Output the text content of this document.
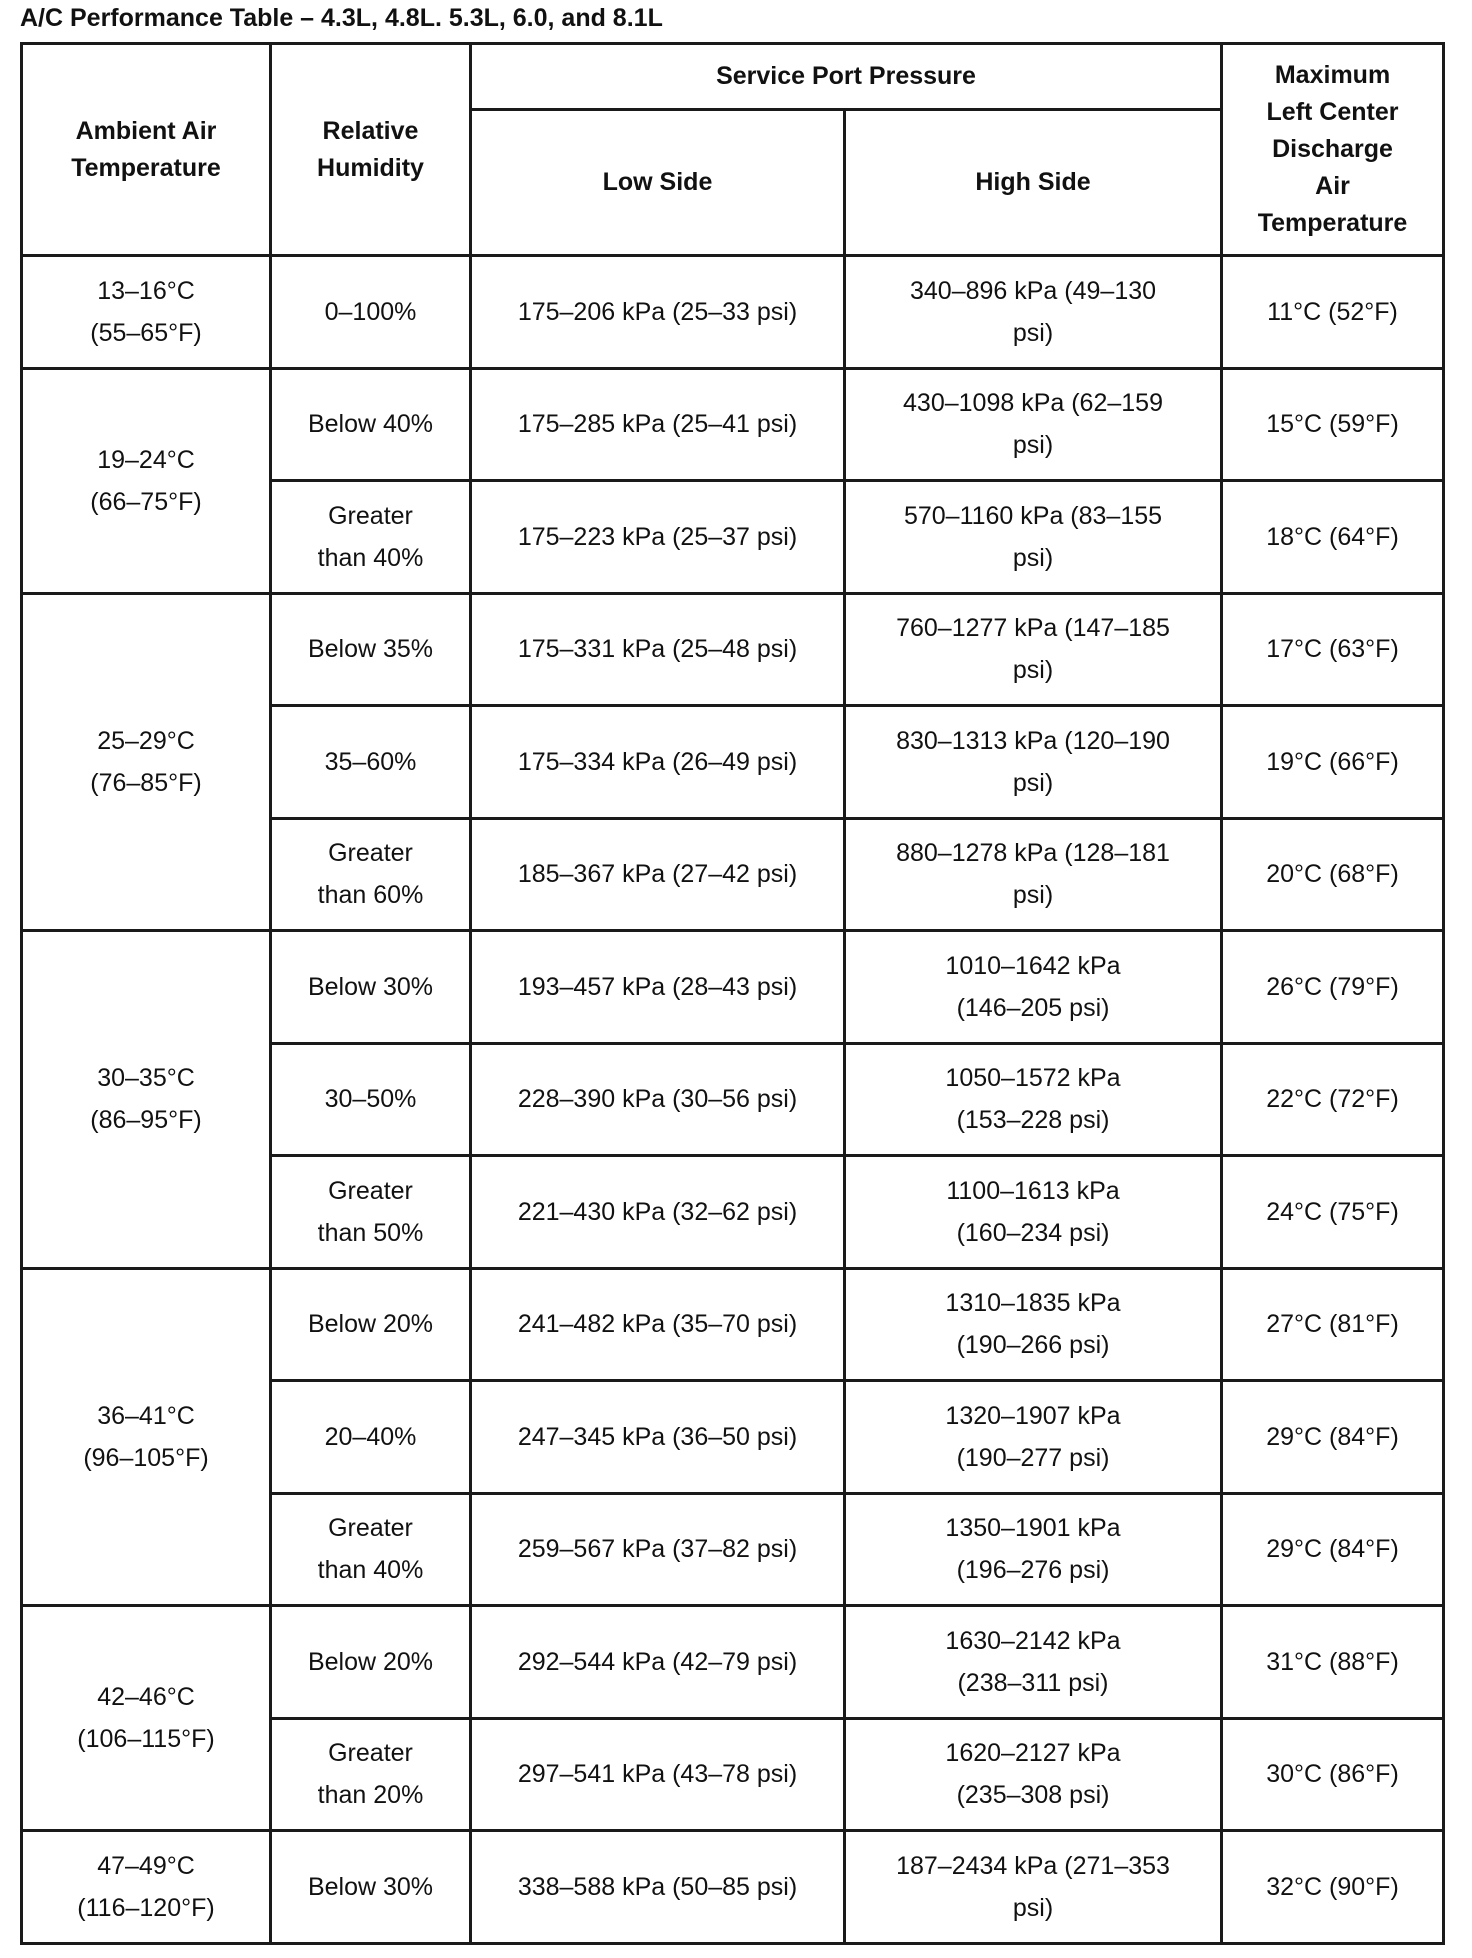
A/C Performance Table – 4.3L, 4.8L. 5.3L, 6.0, and 8.1L
Ambient Air
Temperature	Relative
Humidity	Service Port Pressure		Maximum
Left Center
Discharge
Air
Temperature

		Low Side	High Side	

13–16°C
(55–65°F)	0–100%	175–206 kPa (25–33 psi)	340–896 kPa (49–130
psi)	11°C (52°F)

19–24°C
(66–75°F)	Below 40%	175–285 kPa (25–41 psi)	430–1098 kPa (62–159
psi)	15°C (59°F)

	Greater
than 40%	175–223 kPa (25–37 psi)	570–1160 kPa (83–155
psi)	18°C (64°F)

25–29°C
(76–85°F)	Below 35%	175–331 kPa (25–48 psi)	760–1277 kPa (147–185
psi)	17°C (63°F)

	35–60%	175–334 kPa (26–49 psi)	830–1313 kPa (120–190
psi)	19°C (66°F)

	Greater
than 60%	185–367 kPa (27–42 psi)	880–1278 kPa (128–181
psi)	20°C (68°F)

30–35°C
(86–95°F)	Below 30%	193–457 kPa (28–43 psi)	1010–1642 kPa
(146–205 psi)	26°C (79°F)

	30–50%	228–390 kPa (30–56 psi)	1050–1572 kPa
(153–228 psi)	22°C (72°F)

	Greater
than 50%	221–430 kPa (32–62 psi)	1100–1613 kPa
(160–234 psi)	24°C (75°F)

36–41°C
(96–105°F)	Below 20%	241–482 kPa (35–70 psi)	1310–1835 kPa
(190–266 psi)	27°C (81°F)

	20–40%	247–345 kPa (36–50 psi)	1320–1907 kPa
(190–277 psi)	29°C (84°F)

	Greater
than 40%	259–567 kPa (37–82 psi)	1350–1901 kPa
(196–276 psi)	29°C (84°F)

42–46°C
(106–115°F)	Below 20%	292–544 kPa (42–79 psi)	1630–2142 kPa
(238–311 psi)	31°C (88°F)

	Greater
than 20%	297–541 kPa (43–78 psi)	1620–2127 kPa
(235–308 psi)	30°C (86°F)

47–49°C
(116–120°F)	Below 30%	338–588 kPa (50–85 psi)	187–2434 kPa (271–353
psi)	32°C (90°F)
